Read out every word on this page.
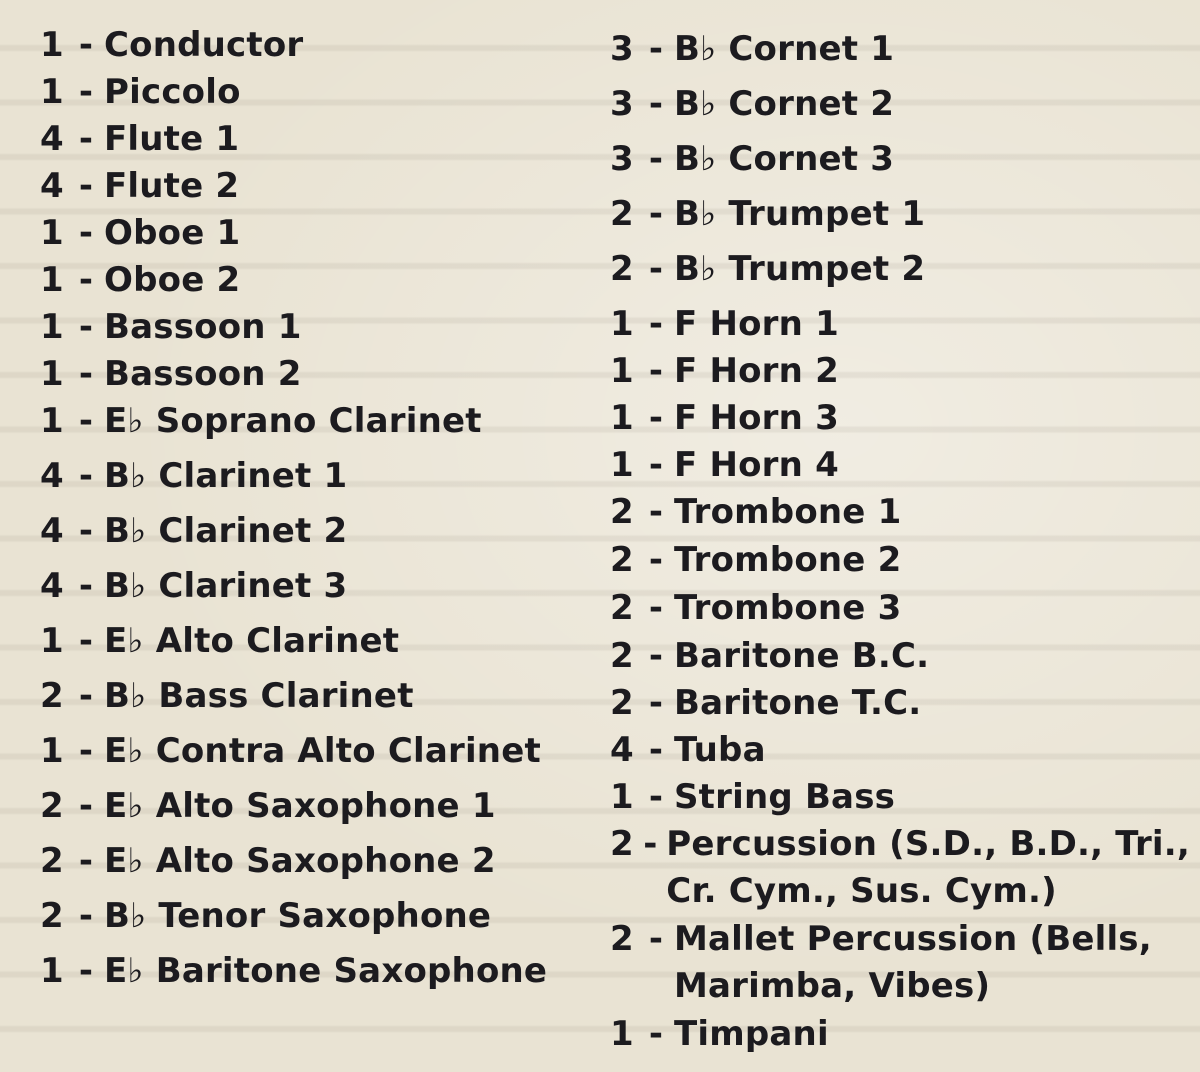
1 - Conductor
1 - Piccolo
4 - Flute 1
4 - Flute 2
1 - Oboe 1
1 - Oboe 2
1 - Bassoon 1
1 - Bassoon 2
1 - E♭ Soprano Clarinet
4 - B♭ Clarinet 1
4 - B♭ Clarinet 2
4 - B♭ Clarinet 3
1 - E♭ Alto Clarinet
2 - B♭ Bass Clarinet
1 - E♭ Contra Alto Clarinet
2 - E♭ Alto Saxophone 1
2 - E♭ Alto Saxophone 2
2 - B♭ Tenor Saxophone
1 - E♭ Baritone Saxophone
3 - B♭ Cornet 1
3 - B♭ Cornet 2
3 - B♭ Cornet 3
2 - B♭ Trumpet 1
2 - B♭ Trumpet 2
1 - F Horn 1
1 - F Horn 2
1 - F Horn 3
1 - F Horn 4
2 - Trombone 1
2 - Trombone 2
2 - Trombone 3
2 - Baritone B.C.
2 - Baritone T.C.
4 - Tuba
1 - String Bass
2 - Percussion (S.D., B.D., Tri.,
Cr. Cym., Sus. Cym.)
2 - Mallet Percussion (Bells,
Marimba, Vibes)
1 - Timpani
